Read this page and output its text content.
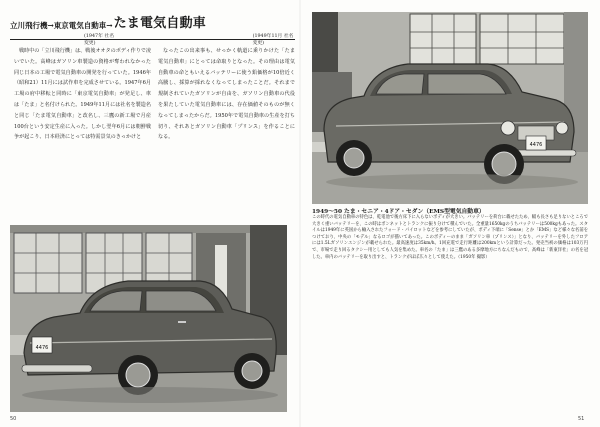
立川飛行機→東京電気自動車→ たま電気自動車
(1947年 社名変更)
(1949年11月 社名変更)

戦時中の「立川飛行機」は、戦後オオタのボディ作りで凌いでいた。高峰はガソリン車製造の資格が奪われなかった同じ日本の工場で電気自動車の開発を行っていた。1946年（昭和21）11月には試作車を完成させている。1947年6月工場の府中移転と同時に「東京電気自動車」が発足し、車は「たま」と名付けられた。1949年11月には社名を製造名と同じ「たま電気自動車」と改名し、三鷹の新工場で月産100台という安定生産に入った。しかし翌年6月には朝鮮戦争が起こり、日本経済にとっては特需景気のきっかけと

なったこの出来事も、せっかく軌道に乗りかけた「たま電気自動車」にとっては命取りとなった。その理由は電気自動車の命ともいえるバッテリーに使う鉛価格が10倍近く高騰し、採算が採れなくなってしまったことだ。それまで規制されていたガソリンが自由を、ガソリン自動車の代役を果たしていた電気自動車には、存在価値そのものが無くなってしまったからだ。1950年で電気自動車の生産を打ち切り、それあとガソリン自動車「プリンス」を作ることになる。

4476
4476
1949～50 たま・セニア・4ドア・セダン（EMS型電気自動車）
この時代の電気自動車の特色は、乾電池で後方床下に入らないボディが大きい。バッテリーを荷台に載せたため、幅も長さも足りないところで大きく重いバッテリーを、この時はボンネットとトランクに振り分けて積んでいた。全重量1650kgのうちバッテリーは500kgもあった。スタイルは1949年に英国から輸入されたフォード・パイロットなどを参考にしていたが、ボディ下端に「Sense」とか「EMS」など様々な名前をつけており、中央の「モデル」なるロゴが描いてあった。このボディーのまま「ガソリン車（プリンス）」となり、バッテリーを外したフロアには1.5Lガソリンエンジンが載せられた。最高速度は35km/h。1回充電で走行距離は200kmという計算だった。発売当初の価格は103万円で、市場で走り回るタクシー用としても人気を集めた。車名の「たま」は三鷹のある多摩地方にちなんだもので、高峰は「新東洋社」の名を冠した。車内のバッテリーを取り出すと、トランクがほぼ広々として使えた。（1950年 撮影）
50	51
